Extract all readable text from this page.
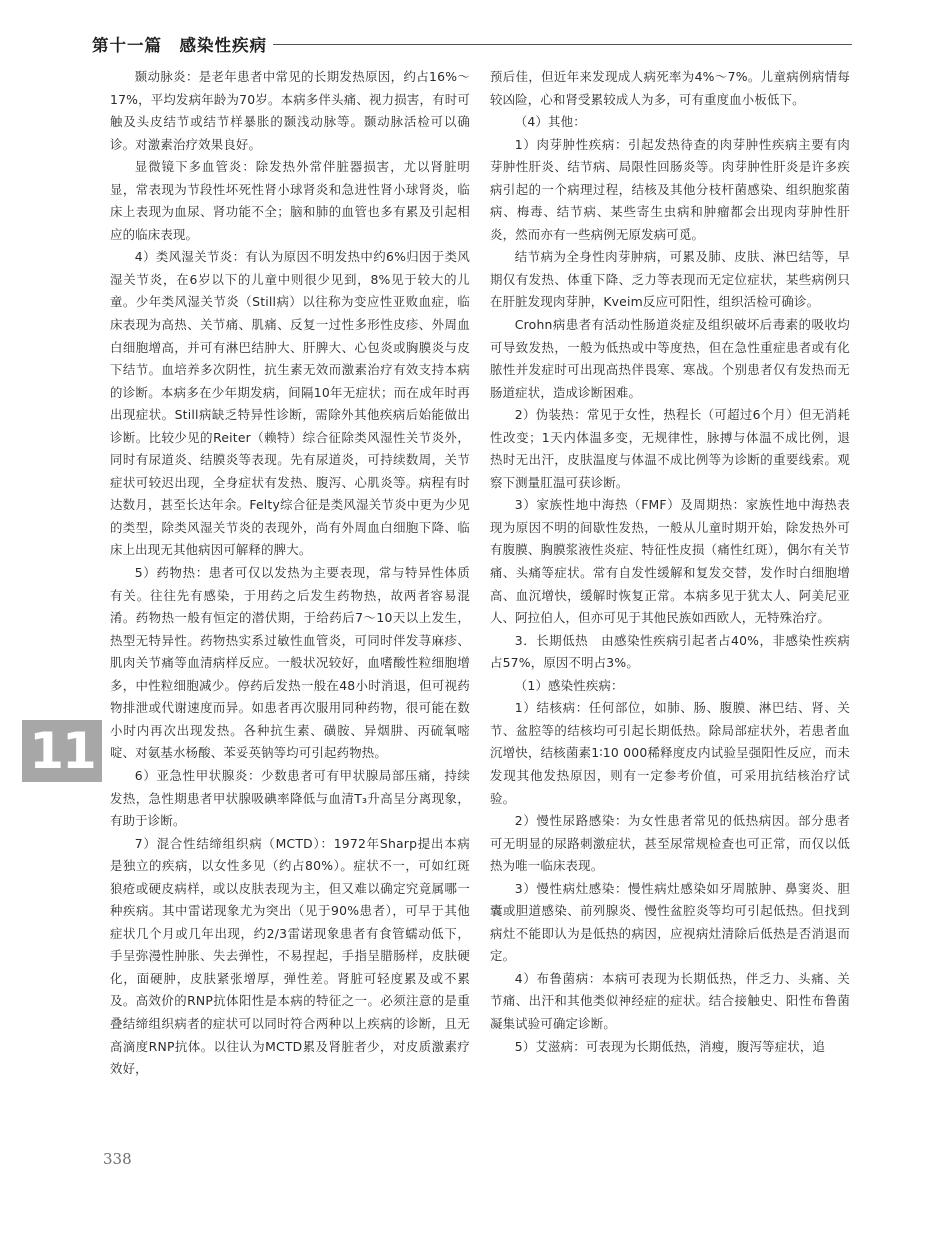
第十一篇　感染性疾病

颞动脉炎：是老年患者中常见的长期发热原因，约占16%～17%，平均发病年龄为70岁。本病多伴头痛、视力损害，有时可触及头皮结节或结节样暴胀的颞浅动脉等。颞动脉活检可以确诊。对激素治疗效果良好。

显微镜下多血管炎：除发热外常伴脏器损害，尤以肾脏明显，常表现为节段性坏死性肾小球肾炎和急进性肾小球肾炎，临床上表现为血尿、肾功能不全；脑和肺的血管也多有累及引起相应的临床表现。

4）类风湿关节炎：有认为原因不明发热中约6%归因于类风湿关节炎，在6岁以下的儿童中则很少见到，8%见于较大的儿童。少年类风湿关节炎（Still病）以往称为变应性亚败血症，临床表现为高热、关节痛、肌痛、反复一过性多形性皮疹、外周血白细胞增高，并可有淋巴结肿大、肝脾大、心包炎或胸膜炎与皮下结节。血培养多次阴性，抗生素无效而激素治疗有效支持本病的诊断。本病多在少年期发病，间隔10年无症状；而在成年时再出现症状。Still病缺乏特异性诊断，需除外其他疾病后始能做出诊断。比较少见的Reiter（赖特）综合征除类风湿性关节炎外，同时有尿道炎、结膜炎等表现。先有尿道炎，可持续数周，关节症状可较迟出现，全身症状有发热、腹泻、心肌炎等。病程有时达数月，甚至长达年余。Felty综合征是类风湿关节炎中更为少见的类型，除类风湿关节炎的表现外，尚有外周血白细胞下降、临床上出现无其他病因可解释的脾大。

5）药物热：患者可仅以发热为主要表现，常与特异性体质有关。往往先有感染，于用药之后发生药物热，故两者容易混淆。药物热一般有恒定的潜伏期，于给药后7～10天以上发生，热型无特异性。药物热实系过敏性血管炎，可同时伴发荨麻疹、肌肉关节痛等血清病样反应。一般状况较好，血嗜酸性粒细胞增多，中性粒细胞减少。停药后发热一般在48小时消退，但可视药物排泄或代谢速度而异。如患者再次服用同种药物，很可能在数小时内再次出现发热。各种抗生素、磺胺、异烟肼、丙硫氧嘧啶、对氨基水杨酸、苯妥英钠等均可引起药物热。

6）亚急性甲状腺炎：少数患者可有甲状腺局部压痛，持续发热，急性期患者甲状腺吸碘率降低与血清T₃升高呈分离现象，有助于诊断。

7）混合性结缔组织病（MCTD）：1972年Sharp提出本病是独立的疾病，以女性多见（约占80%）。症状不一，可如红斑狼疮或硬皮病样，或以皮肤表现为主，但又难以确定究竟属哪一种疾病。其中雷诺现象尤为突出（见于90%患者），可早于其他症状几个月或几年出现，约2/3雷诺现象患者有食管蠕动低下，手呈弥漫性肿胀、失去弹性，不易捏起，手指呈腊肠样，皮肤硬化，面硬肿，皮肤紧张增厚，弹性差。肾脏可轻度累及或不累及。高效价的RNP抗体阳性是本病的特征之一。必须注意的是重叠结缔组织病者的症状可以同时符合两种以上疾病的诊断，且无高滴度RNP抗体。以往认为MCTD累及肾脏者少，对皮质激素疗效好，

预后佳，但近年来发现成人病死率为4%～7%。儿童病例病情每较凶险，心和肾受累较成人为多，可有重度血小板低下。

（4）其他：

1）肉芽肿性疾病：引起发热待查的肉芽肿性疾病主要有肉芽肿性肝炎、结节病、局限性回肠炎等。肉芽肿性肝炎是许多疾病引起的一个病理过程，结核及其他分枝杆菌感染、组织胞浆菌病、梅毒、结节病、某些寄生虫病和肿瘤都会出现肉芽肿性肝炎，然而亦有一些病例无原发病可觅。

结节病为全身性肉芽肿病，可累及肺、皮肤、淋巴结等，早期仅有发热、体重下降、乏力等表现而无定位症状，某些病例只在肝脏发现肉芽肿，Kveim反应可阳性，组织活检可确诊。

Crohn病患者有活动性肠道炎症及组织破坏后毒素的吸收均可导致发热，一般为低热或中等度热，但在急性重症患者或有化脓性并发症时可出现高热伴畏寒、寒战。个别患者仅有发热而无肠道症状，造成诊断困难。

2）伪装热：常见于女性，热程长（可超过6个月）但无消耗性改变；1天内体温多变，无规律性，脉搏与体温不成比例，退热时无出汗，皮肤温度与体温不成比例等为诊断的重要线索。观察下测量肛温可获诊断。

3）家族性地中海热（FMF）及周期热：家族性地中海热表现为原因不明的间歇性发热，一般从儿童时期开始，除发热外可有腹膜、胸膜浆液性炎症、特征性皮损（痛性红斑），偶尔有关节痛、头痛等症状。常有自发性缓解和复发交替，发作时白细胞增高、血沉增快，缓解时恢复正常。本病多见于犹太人、阿美尼亚人、阿拉伯人，但亦可见于其他民族如西欧人，无特殊治疗。

3．长期低热　由感染性疾病引起者占40%，非感染性疾病占57%，原因不明占3%。

（1）感染性疾病：

1）结核病：任何部位，如肺、肠、腹膜、淋巴结、肾、关节、盆腔等的结核均可引起长期低热。除局部症状外，若患者血沉增快，结核菌素1∶10 000稀释度皮内试验呈强阳性反应，而未发现其他发热原因，则有一定参考价值，可采用抗结核治疗试验。

2）慢性尿路感染：为女性患者常见的低热病因。部分患者可无明显的尿路刺激症状，甚至尿常规检查也可正常，而仅以低热为唯一临床表现。

3）慢性病灶感染：慢性病灶感染如牙周脓肿、鼻窦炎、胆囊或胆道感染、前列腺炎、慢性盆腔炎等均可引起低热。但找到病灶不能即认为是低热的病因，应视病灶清除后低热是否消退而定。

4）布鲁菌病：本病可表现为长期低热，伴乏力、头痛、关节痛、出汗和其他类似神经症的症状。结合接触史、阳性布鲁菌凝集试验可确定诊断。

5）艾滋病：可表现为长期低热，消瘦，腹泻等症状，追

11
338
